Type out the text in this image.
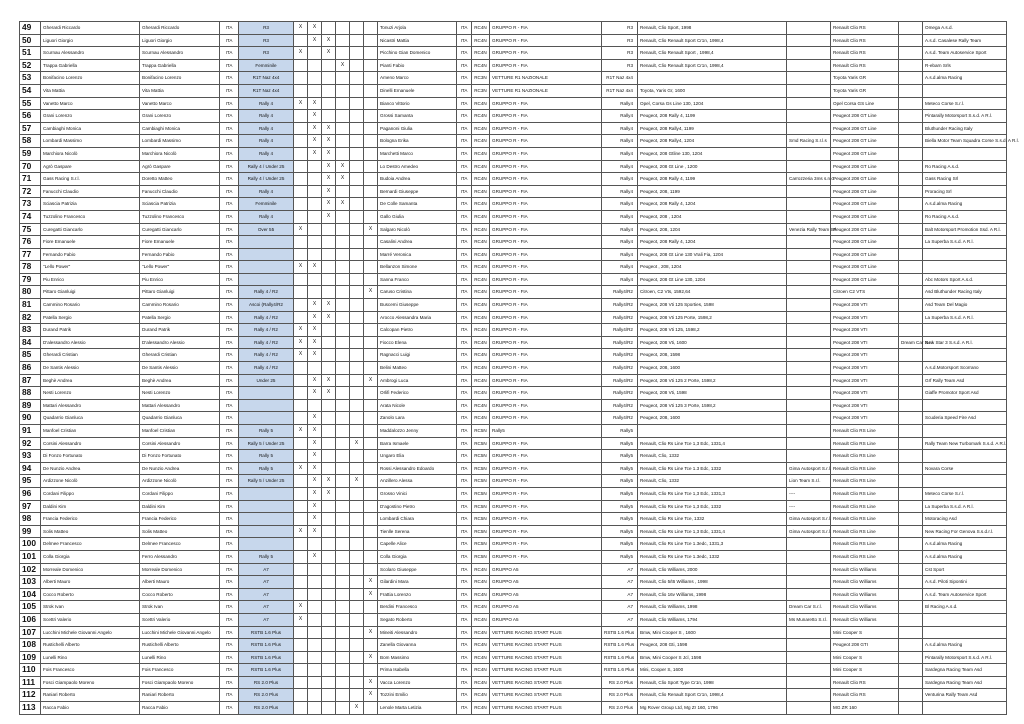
49	Gherardi Riccardo	Gherardi Riccardo	ITA	R3	X	X					Tonuzi Arjola	ITA	RC4N	GRUPPO R - FIA	R3	Renault, Clio Sport, 1998		Renault Clio RS		Omega A.s.d.
50	Liguori Giorgio	Liguori Giorgio	ITA	R3		X	X				Nicastri Mattia	ITA	RC4N	GRUPPO R - FIA	R3	Renault, Clio Renault Sport Cr1n, 1998,4		Renault Clio RS		A.s.d. Casalese Rally Team
51	Scurnau Alessandro	Scurnau Alessandro	ITA	R3	X		X				Picchino Gian Domenico	ITA	RC4N	GRUPPO R - FIA	R3	Renault, Clio Renault Sport , 1998,4		Renault Clio RS		A.s.d. Team Autoservice Sport
52	Trappa Gabriella	Trappa Gabriella	ITA	Femminile				X			Pianti Fabio	ITA	RC4N	GRUPPO R - FIA	R3	Renault, Clio Renault Sport Cr1n, 1998,4		Renault Clio RS		R-ebarn Srls
53	Bonifacino Lorenzo	Bonifacino Lorenzo	ITA	R1T Naz 4x4							Ameno Marco	ITA	RC3N	VETTURE R1 NAZIONALE	R1T Naz 4x4			Toyota Yaris GR		A.s.d.alma Racing
54	Vita Mattia	Vita Mattia	ITA	R1T Naz 4x4							Dinelli Emanuele	ITA	RC3N	VETTURE R1 NAZIONALE	R1T Naz 4x4	Toyota, Yaris Gr, 1600		Toyota Yaris GR		
55	Vanetto Marco	Vanetto Marco	ITA	Rally 4	X	X					Bianco Vittorio	ITA	RC4N	GRUPPO R - FIA	Rally4	Opel, Corsa Gs Line 130, 1204		Opel Corsa GS Line		Meteco Corse S.r.l.
56	Grani Lorenzo	Grani Lorenzo	ITA	Rally 4		X					Grossi Samanta	ITA	RC4N	GRUPPO R - FIA	Rally4	Peugeot, 208 Rally 4, 1199		Peugeot 208 GT Line		Pintarally Motorsport S.s.d. A R.l.
57	Cambiaghi Monica	Cambiaghi Monica	ITA	Rally 4		X	X				Paganoni Giulia	ITA	RC4N	GRUPPO R - FIA	Rally4	Peugeot, 208 Rally4, 1199		Peugeot 208 GT Line		Bluthunder Racing Italy
58	Lombardi Massimo	Lombardi Massimo	ITA	Rally 4		X	X				Bologna Erika	ITA	RC4N	GRUPPO R - FIA	Rally4	Peugeot, 208 Rally4, 1204	Smd Racing S.r.l.s	Peugeot 208 GT Line		Biella Motor Team Squadra Corse S.s.d. A R.l.
59	Marchiora Nicolò	Marchiora Nicolò	ITA	Rally 4		X	X				Marchetti Marco	ITA	RC4N	GRUPPO R - FIA	Rally4	Peugeot, 208 Gtline 130, 1204		Peugeot 208 GT Line		
70	Agrò Gaspare	Agrò Gaspare	ITA	Rally 4 / Under 25			X	X			Lo Destro Amedeo	ITA	RC4N	GRUPPO R - FIA	Rally4	Peugeot, 208 Gt Line , 1200		Peugeot 208 GT Line		Ro Racing A.s.d.
71	Gass Racing S.r.l.	Doretto Matteo	ITA	Rally 4 / Under 25			X	X			Budoia Andrea	ITA	RC4N	GRUPPO R - FIA	Rally4	Peugeot, 208 Rally 4, 1199	Carrozzeria 3ms s.n.c.	Peugeot 208 GT Line		Gass Racing Srl
72	Fanucchi Claudio	Fanucchi Claudio	ITA	Rally 4			X				Bernardi Giuseppe	ITA	RC4N	GRUPPO R - FIA	Rally4	Peugeot, 208, 1199		Peugeot 208 GT Line		Proracing Srl
73	Sciascia Patrizia	Sciascia Patrizia	ITA	Femminile			X	X			De Colle Samanta	ITA	RC4N	GRUPPO R - FIA	Rally4	Peugeot, 208 Rally 4, 1204		Peugeot 208 GT Line		A.s.d.alma Racing
74	Tuzzolino Francesco	Tuzzolino Francesco	ITA	Rally 4			X				Gallo Giulia	ITA	RC4N	GRUPPO R - FIA	Rally4	Peugeot, 208 , 1204		Peugeot 208 GT Line		Ro Racing A.s.d.
75	Curegatti Giancarlo	Curegatti Giancarlo	ITA	Over 55	X					X	Salgaro Nicolò	ITA	RC4N	GRUPPO R - FIA	Rally4	Peugeot, 208, 1204	Venezia Rally Team Srl.	Peugeot 208 GT Line		Balt Motorsport Promotion Ssd. A R.l.
76	Fiore Emanuele	Fiore Emanuele	ITA								Casalini Andrea	ITA	RC4N	GRUPPO R - FIA	Rally4	Peugeot, 208 Rally 4, 1204		Peugeot 208 GT Line		La Superba S.s.d. A R.l.
77	Fernando Fabio	Fernando Fabio	ITA								Marré Veronica	ITA	RC4N	GRUPPO R - FIA	Rally4	Peugeot, 208 Gt Line 130 Vrali Fia, 1204		Peugeot 208 GT Line		
78	"Lello Power"	"Lello Power"	ITA		X	X					Bellanzon Simone	ITA	RC4N	GRUPPO R - FIA	Rally4	Peugeot , 208, 1204		Peugeot 208 GT Line		
79	Piu Enrico	Piu Enrico	ITA								Sanna Franco	ITA	RC4N	GRUPPO R - FIA	Rally4	Peugeot, 208 Gt Line 130, 1204		Peugeot 208 GT Line		Abc Motors Sport A.s.d.
80	Pittaro Gianluigi	Pittaro Gianluigi	ITA	Rally 4 / R2						X	Caruso Cristina	ITA	RC4N	GRUPPO R - FIA	Rally4/R2	Citroen, C2 Vts, 1592,64		Citroen C2 VTS		Asd Bluthunder Racing Italy
81	Cammino Rosario	Cammino Rosario	ITA	Ascoi (Rally4/R2		X	X				Buscemi Giuseppe	ITA	RC4N	GRUPPO R - FIA	Rally4/R2	Peugeot, 208 Vti 125 Sporties, 1598		Peugeot 208 VTI		Asd Team Del Magio
82	Patella Sergio	Patella Sergio	ITA	Rally 4 / R2		X	X				Arocco Alessandra Maria	ITA	RC4N	GRUPPO R - FIA	Rally4/R2	Peugeot, 208 Vti 125 Porte, 1598,2		Peugeot 208 VTI		La Superba S.s.d. A R.l.
83	Durand Patrik	Durand Patrik	ITA	Rally 4 / R2	X	X					Calcopan Pietro	ITA	RC4N	GRUPPO R - FIA	Rally4/R2	Peugeot, 208 Vti 125, 1598,2		Peugeot 208 VTI		
84	D'alessandro Alessio	D'alessandro Alessio	ITA	Rally 4 / R2	X	X					Fiocco Elena	ITA	RC4N	GRUPPO R - FIA	Rally4/R2	Peugeot, 208 Vti, 1600		Peugeot 208 VTI	Dream Car S.r.l.	New Star 3 S.s.d. A R.l.
85	Gherardi Cristian	Gherardi Cristian	ITA	Rally 4 / R2	X	X					Ragnacci Luigi	ITA	RC4N	GRUPPO R - FIA	Rally4/R2	Peugeot, 208, 1598		Peugeot 208 VTI		
86	De Santis Alessio	De Santis Alessio	ITA	Rally 4 / R2							Belini Matteo	ITA	RC4N	GRUPPO R - FIA	Rally4/R2	Peugeot, 208, 1600		Peugeot 208 VTI		A.s.d.Motorsport Scorrano
87	Beghè Andrea	Beghè Andrea	ITA	Under 25		X	X			X	Ambrogi Luca	ITA	RC4N	GRUPPO R - FIA	Rally4/R2	Peugeot, 208 Vti 125 2 Porte, 1598,2		Peugeot 208 VTI		Grf Rally Team Asd
88	Nesti Lorenzo	Nesti Lorenzo	ITA			X	X				Orlifi Federico	ITA	RC4N	GRUPPO R - FIA	Rally4/R2	Peugeot, 208 Vti, 1598		Peugeot 208 VTI		Giaffe Promotor Sport Asd
89	Mattari Alessandro	Mattari Alessandro	ITA								Arata Nicole	ITA	RC4N	GRUPPO R - FIA	Rally4/R2	Peugeot, 208 Vti 125 3 Porte, 1598,2		Peugeot 208 VTI		
90	Quadarrio Gianluca	Quadarrio Gianluca	ITA			X					Zanolo Lara	ITA	RC4N	GRUPPO R - FIA	Rally4/R2	Peugeot, 208, 1600		Peugeot 208 VTI		Scuderia Speed Fire Asd
91	Manfoel Cristian	Manfoel Cristian	ITA	Rally 5	X	X					Maddalozzo Jenny	ITA	RC5N	Rally5	Rally5			Renault Clio RS Line		
92	Corsini Alessandro	Corsini Alessandro	ITA	Rally 5 / Under 25		X			X		Barra Ismaele	ITA	RC5N	GRUPPO R - FIA	Rally5	Renault, Clio Rs Line Tce 1,3 Edc, 1331,4		Renault Clio RS Line		Rally Team New Turbomark S.s.d. A R.l.
93	Di Fonzo Fortunato	Di Fonzo Fortunato	ITA	Rally 5		X					Ungaro Elia	ITA	RC5N	GRUPPO R - FIA	Rally5	Renault, Clio, 1332		Renault Clio RS Line		
94	De Nunzio Andrea	De Nunzio Andrea	ITA	Rally 5	X	X					Rossi Alessandro Edoardo	ITA	RC5N	GRUPPO R - FIA	Rally5	Renault, Clio Rs Line Tce 1.3 Edc, 1332	Gima Autosport S.r.l.	Renault Clio RS Line		Novara Corse
95	Ardizzone Nicolò	Ardizzone Nicolò	ITA	Rally 5 / Under 25		X	X		X		Anzillero Alessa	ITA	RC5N	GRUPPO R - FIA	Rally5	Renault, Clio, 1332	Lion Team S.r.l.	Renault Clio RS Line		
96	Cordani Filippo	Cordani Filippo	ITA			X	X				Grosso Vinici	ITA	RC5N	GRUPPO R - FIA	Rally5	Renault, Clio Rs Line Tce 1,3 Edc, 1331,3	----	Renault Clio RS Line		Meteco Corse S.r.l.
97	Daldini Kim	Daldini Kim	ITA			X					D'agostino Pietro	ITA	RC5N	GRUPPO R - FIA	Rally5	Renault, Clio Rs Line Tce 1,3 Edc, 1332	----	Renault Clio RS Line		La Superba S.s.d. A R.l.
98	Francia Federico	Francia Federico	ITA			X					Lombardi Chiara	ITA	RC5N	GRUPPO R - FIA	Rally5	Renault, Clio Rs Line Tce, 1332	Gima Autosport S.r.l.	Renault Clio RS Line		Motoracing Asd
99	Solis Matteo	Solis Matteo	ITA		X	X					Tienlle Serena	ITA	RC5N	GRUPPO R - FIA	Rally5	Renault, Clio Rs Line Tce 1,3 Edc, 1331,4	Gima Autosport S.r.l.	Renault Clio RS Line		New Racing For Genova S.s.d.r.l.
100	Delmee Francesco	Delmee Francesco	ITA								Capelle Alice	ITA	RC5N	GRUPPO R - FIA	Rally5	Renault, Clio Rs Line Tce 1.3edc, 1331,3		Renault Clio RS Line		A.s.d.alma Racing
101	Colla Giorgia	Ferro Alessandro	ITA	Rally 5		X					Colla Giorgia	ITA	RC5N	GRUPPO R - FIA	Rally5	Renault, Clio Rs Line Tce 1.3edc, 1332		Renault Clio RS Line		A.s.d.alma Racing
102	Morreale Domenico	Morreale Domenico	ITA	A7							Scolaro Giuseppe	ITA	RC4N	GRUPPO A5	A7	Renault, Clio Williams, 2000		Renault Clio Williams		Cst Sport
103	Alberti Mauro	Alberti Mauro	ITA	A7						X	Gilardini Mara	ITA	RC4N	GRUPPO A5	A7	Renault, Clio 5/t6 Williams , 1998		Renault Clio Williams		A.s.d. Piloti Sipontini
104	Cocco Roberto	Cocco Roberto	ITA	A7						X	Frattia Lorenzo	ITA	RC4N	GRUPPO A5	A7	Renault, Clio 16v Williams, 1998		Renault Clio Williams		A.s.d. Team Autoservice Sport
105	Strok Ivan	Strok Ivan	ITA	A7	X						Berdini Francesco	ITA	RC4N	GRUPPO A5	A7	Renault, Clio Williams, 1998	Dream Car S.r.l.	Renault Clio Williams		Bl Racing A.s.d.
106	Scettri Valerio	Scettri Valerio	ITA	A7	X						Segato Roberto	ITA	RC4N	GRUPPO A5	A7	Renault, Clio Williams, 1794	Ms Munaretto S.r.l.	Renault Clio Williams		
107	Lucchini Michele Giovanni Angelo	Lucchini Michele Giovanni Angelo	ITA	RSTB 1.6 Plus						X	Mineiti Alessandro	ITA	RC4N	VETTURE RACING START PLUS	RSTB 1.6 Plus	Bmw, Mini Cooper S , 1600		Mini Cooper S		
108	Rustichelli Alberto	Rustichelli Alberto	ITA	RSTB 1.6 Plus							Zanella Giovanna	ITA	RC4N	VETTURE RACING START PLUS	RSTB 1.6 Plus	Peugeot, 208 Gti, 1598		Peugeot 208 GTI		A.s.d.alma Racing
109	Lunelli Rino	Lunelli Rino	ITA	RSTB 1.6 Plus						X	Bom Massimo	ITA	RC4N	VETTURE RACING START PLUS	RSTB 1.6 Plus	Bmw, Mini Cooper S Jcl, 1598		Mini Cooper S		Pintarally Motorsport S.s.d. A R.l.
110	Fois Francesco	Fois Francesco	ITA	RSTB 1.6 Plus							Prima Isabella	ITA	RC4N	VETTURE RACING START PLUS	RSTB 1.6 Plus	Mini, Cooper S, 1600		Mini Cooper S		Sardegna Racing Team Asd
111	Fosci Giampaolo Moreno	Fosci Giampaolo Moreno	ITA	RS 2.0 Plus						X	Vacca Lorenzo	ITA	RC4N	VETTURE RACING START PLUS	RS 2.0 Plus	Renault, Clio Sport Type Cr1n, 1998		Renault Clio RS		Sardegna Racing Team Asd
112	Raniari Roberto	Raniari Roberto	ITA	RS 2.0 Plus						X	Tozzini Emilio	ITA	RC4N	VETTURE RACING START PLUS	RS 2.0 Plus	Renault, Clio Renault Sport Cr1n, 1998,4		Renault Clio RS		Venturina Rally Team Asd
113	Racca Fabio	Racca Fabio	ITA	RS 2.0 Plus					X		Lenole Marta Letizia	ITA	RC4N	VETTURE RACING START PLUS	RS 2.0 Plus	Mg Rover Group Ltd, Mg Zr 160, 1796		MG ZR 160		
